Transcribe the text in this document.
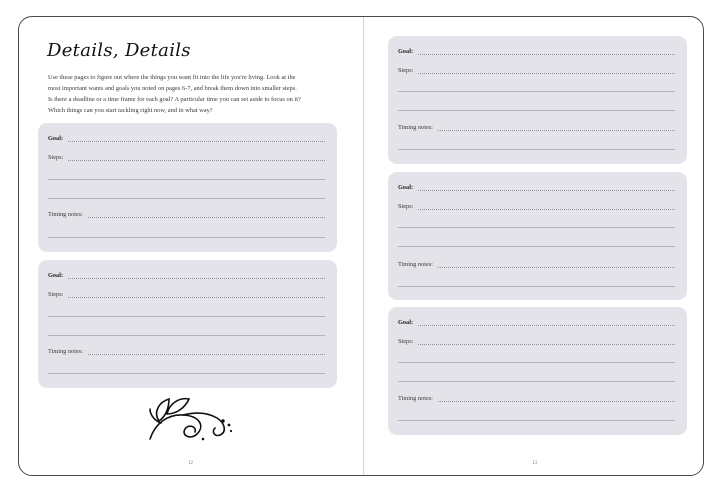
Details, Details

Use these pages to figure out where the things you want fit into the life you're living. Look at the
most important wants and goals you noted on pages 6-7, and break them down into smaller steps.
Is there a deadline or a time frame for each goal? A particular time you can set aside to focus on it?
Which things can you start tackling right now, and in what way?

Goal:
Steps:
Timing notes:
Goal:
Steps:
Timing notes:
12
Goal:
Steps:
Timing notes:
Goal:
Steps:
Timing notes:
Goal:
Steps:
Timing notes:
13
